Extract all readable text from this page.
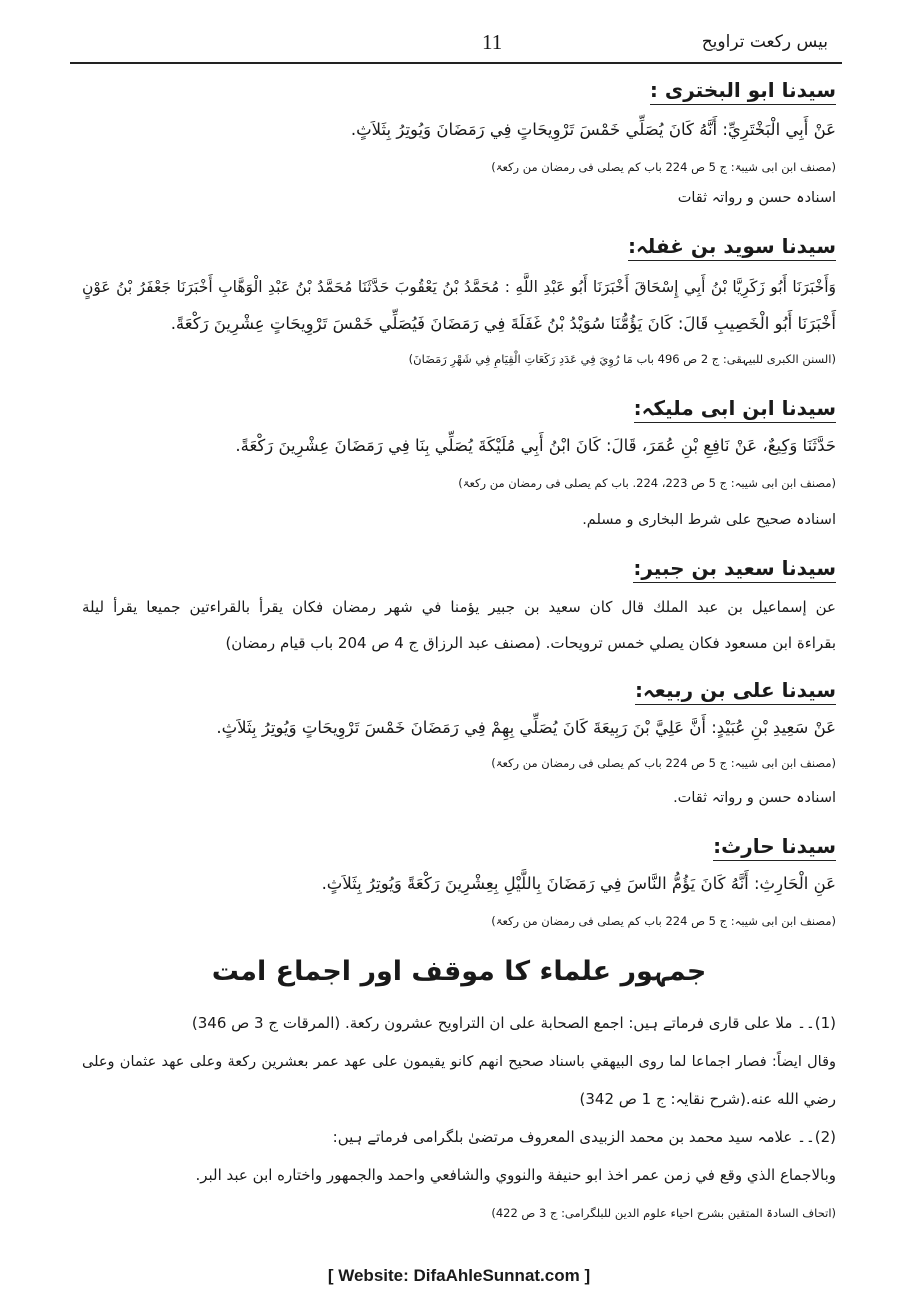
بیس رکعت تراویح
11
سیدنا ابو البختری :
عَنْ أَبِي الْبَخْتَرِيِّ: أَنَّهُ كَانَ يُصَلِّي خَمْسَ تَرْوِيحَاتٍ فِي رَمَضَانَ وَيُوتِرُ بِثَلاَثٍ.
(مصنف ابن ابی شیبۃ: ج 5 ص 224 باب کم یصلی فی رمضان من رکعۃ)
اسنادہ حسن و رواتہ ثقات
سیدنا سوید بن غفلہ:
وَأَخْبَرَنَا أَبُو زَكَرِيَّا بْنُ أَبِي إِسْحَاقَ أَخْبَرَنَا أَبُو عَبْدِ اللَّهِ : مُحَمَّدُ بْنُ يَعْقُوبَ حَدَّثَنَا مُحَمَّدُ بْنُ عَبْدِ الْوَهَّابِ أَخْبَرَنَا جَعْفَرُ بْنُ عَوْنٍ
أَخْبَرَنَا أَبُو الْخَصِيبِ قَالَ: كَانَ يَؤُمُّنَا سُوَيْدُ بْنُ غَفَلَةَ فِي رَمَضَانَ فَيُصَلِّي خَمْسَ تَرْوِيحَاتٍ عِشْرِينَ رَكْعَةً.
(السنن الکبری للبیہقی: ج 2 ص 496 باب مَا رُوِيَ فِي عَدَدِ رَكَعَاتِ الْقِيَامِ فِي شَهْرِ رَمَضَانَ)
سیدنا ابن ابی ملیکہ:
حَدَّثَنَا وَكِيعٌ، عَنْ نَافِعِ بْنِ عُمَرَ، قَالَ: كَانَ ابْنُ أَبِي مُلَيْكَةَ يُصَلِّي بِنَا فِي رَمَضَانَ عِشْرِينَ رَكْعَةً.
(مصنف ابن ابی شیبہ: ج 5 ص 223، 224. باب کم یصلی فی رمضان من رکعۃ)
اسنادہ صحیح علی شرط البخاری و مسلم.
سیدنا سعید بن جبیر:
عن إسماعيل بن عبد الملك قال كان سعيد بن جبير يؤمنا في شهر رمضان فكان يقرأ بالقراءتين جميعا يقرأ ليلة
بقراءة ابن مسعود فكان يصلي خمس ترويحات. (مصنف عبد الرزاق ج 4 ص 204 باب قیام رمضان)
سیدنا علی بن ربیعہ:
عَنْ سَعِيدِ بْنِ عُبَيْدٍ: أَنَّ عَلِيَّ بْنَ رَبِيعَةَ كَانَ يُصَلِّي بِهِمْ فِي رَمَضَانَ خَمْسَ تَرْوِيحَاتٍ وَيُوتِرُ بِثَلاَثٍ.
(مصنف ابن ابی شیبہ: ج 5 ص 224 باب کم یصلی فی رمضان من رکعۃ)
اسنادہ حسن و رواتہ ثقات.
سیدنا حارث:
عَنِ الْحَارِثِ: أَنَّهُ كَانَ يَؤُمُّ النَّاسَ فِي رَمَضَانَ بِاللَّيْلِ بِعِشْرِينَ رَكْعَةً وَيُوتِرُ بِثَلاَثٍ.
(مصنف ابن ابی شیبہ: ج 5 ص 224 باب کم یصلی فی رمضان من رکعۃ)
جمہور علماء کا موقف اور اجماع امت
(1)۔۔ ملا علی قاری فرماتے ہیں: اجمع الصحابة على ان التراويح عشرون ركعة. (المرقات ج 3 ص 346)
وقال ايضاً: فصار اجماعا لما روى البيهقي باسناد صحيح انهم كانو يقيمون على عهد عمر بعشرين ركعة وعلى عهد عثمان وعلى
رضي الله عنه.(شرح نقایہ: ج 1 ص 342)
(2)۔۔ علامہ سید محمد بن محمد الزبیدی المعروف مرتضیٰ بلگرامی فرماتے ہیں:
وبالاجماع الذي وقع في زمن عمر اخذ ابو حنيفة والنووي والشافعي واحمد والجمهور واختاره ابن عبد البر.
(اتحاف السادۃ المتقین بشرح احیاء علوم الدین للبلگرامی: ج 3 ص 422)
[ Website: DifaAhleSunnat.com ]
